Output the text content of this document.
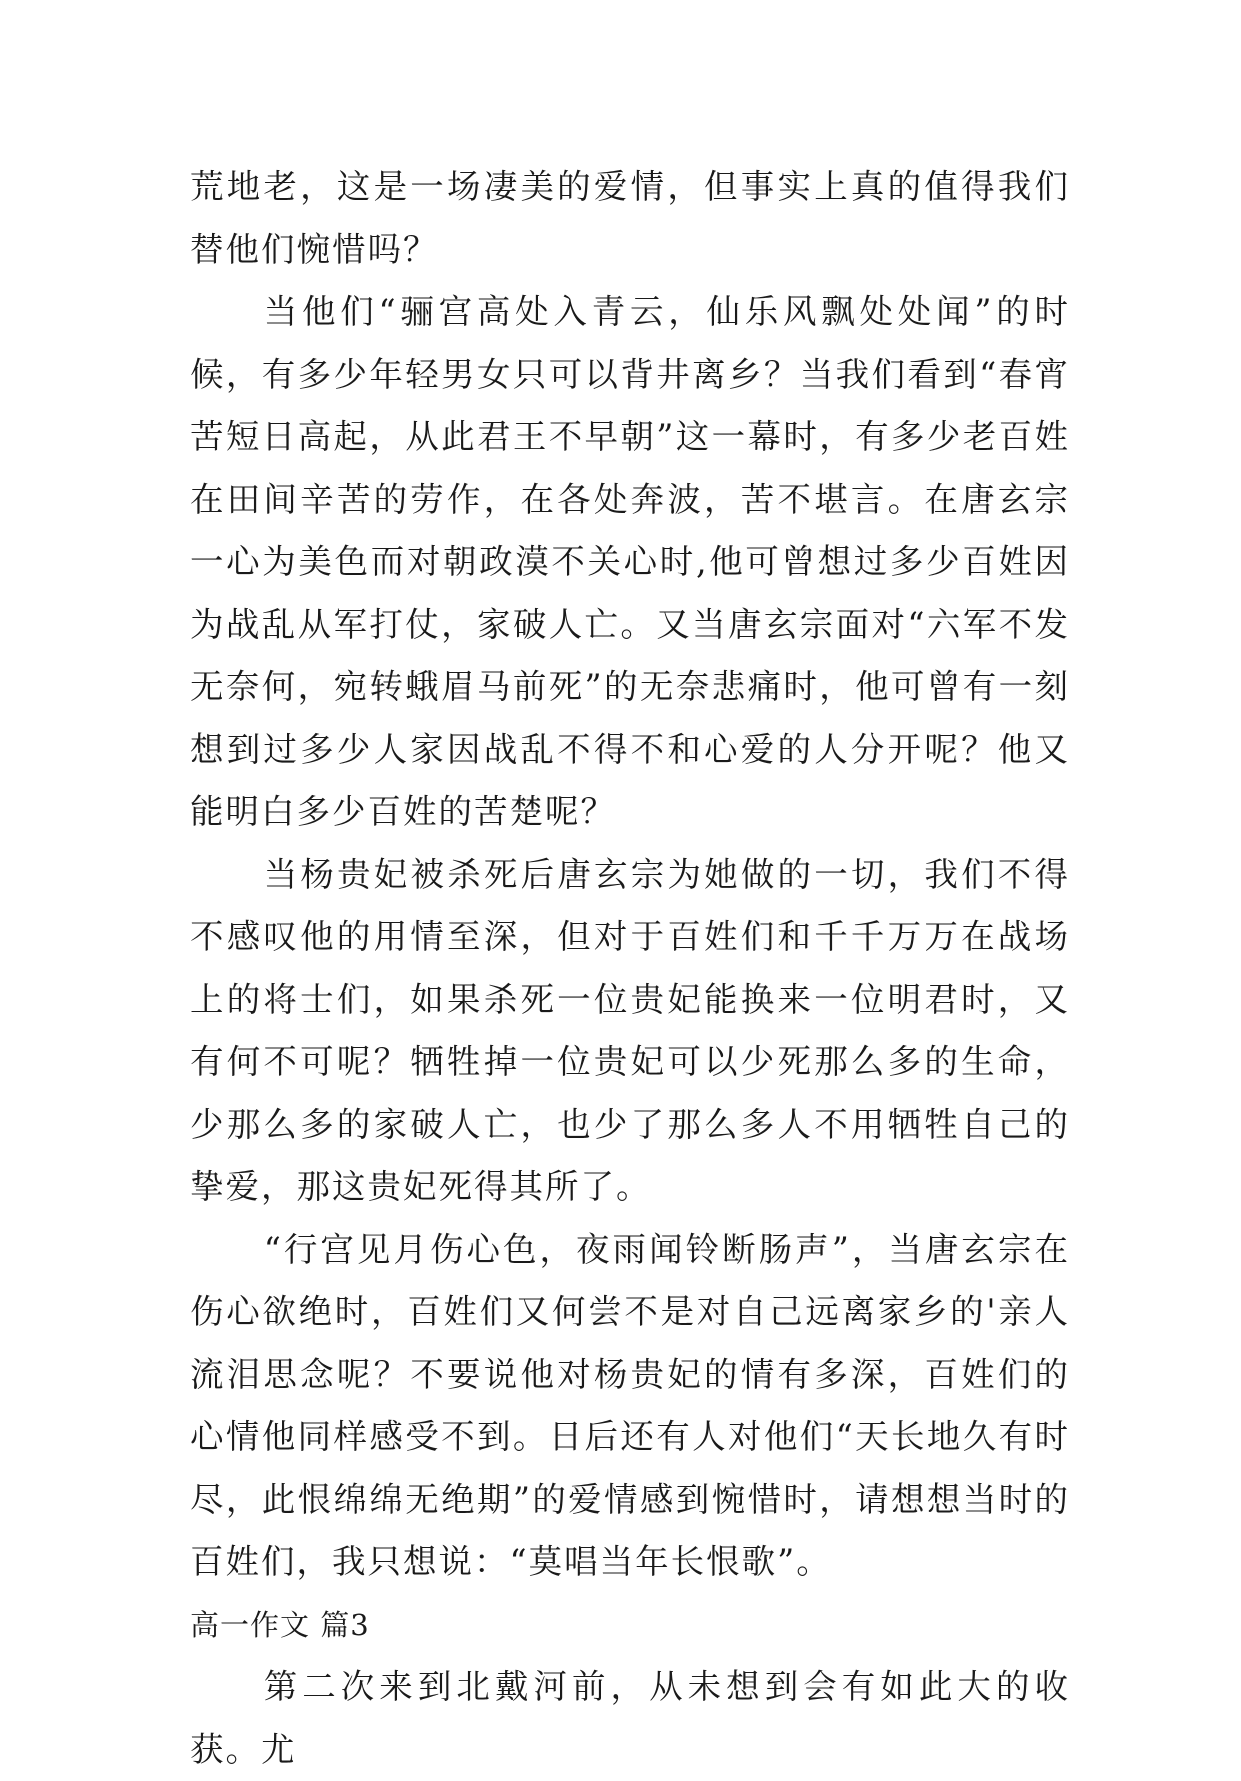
荒地老，这是一场凄美的爱情，但事实上真的值得我们替他们惋惜吗？

当他们“骊宫高处入青云，仙乐风飘处处闻”的时候，有多少年轻男女只可以背井离乡？当我们看到“春宵苦短日高起，从此君王不早朝”这一幕时，有多少老百姓在田间辛苦的劳作，在各处奔波，苦不堪言。在唐玄宗一心为美色而对朝政漠不关心时,他可曾想过多少百姓因为战乱从军打仗，家破人亡。又当唐玄宗面对“六军不发无奈何，宛转蛾眉马前死”的无奈悲痛时，他可曾有一刻想到过多少人家因战乱不得不和心爱的人分开呢？他又能明白多少百姓的苦楚呢？

当杨贵妃被杀死后唐玄宗为她做的一切，我们不得不感叹他的用情至深，但对于百姓们和千千万万在战场上的将士们，如果杀死一位贵妃能换来一位明君时，又有何不可呢？牺牲掉一位贵妃可以少死那么多的生命，少那么多的家破人亡，也少了那么多人不用牺牲自己的挚爱，那这贵妃死得其所了。

“行宫见月伤心色，夜雨闻铃断肠声”，当唐玄宗在伤心欲绝时，百姓们又何尝不是对自己远离家乡的'亲人流泪思念呢？不要说他对杨贵妃的情有多深，百姓们的心情他同样感受不到。日后还有人对他们“天长地久有时尽，此恨绵绵无绝期”的爱情感到惋惜时，请想想当时的百姓们，我只想说：“莫唱当年长恨歌”。

高一作文 篇3

第二次来到北戴河前，从未想到会有如此大的收获。尤
